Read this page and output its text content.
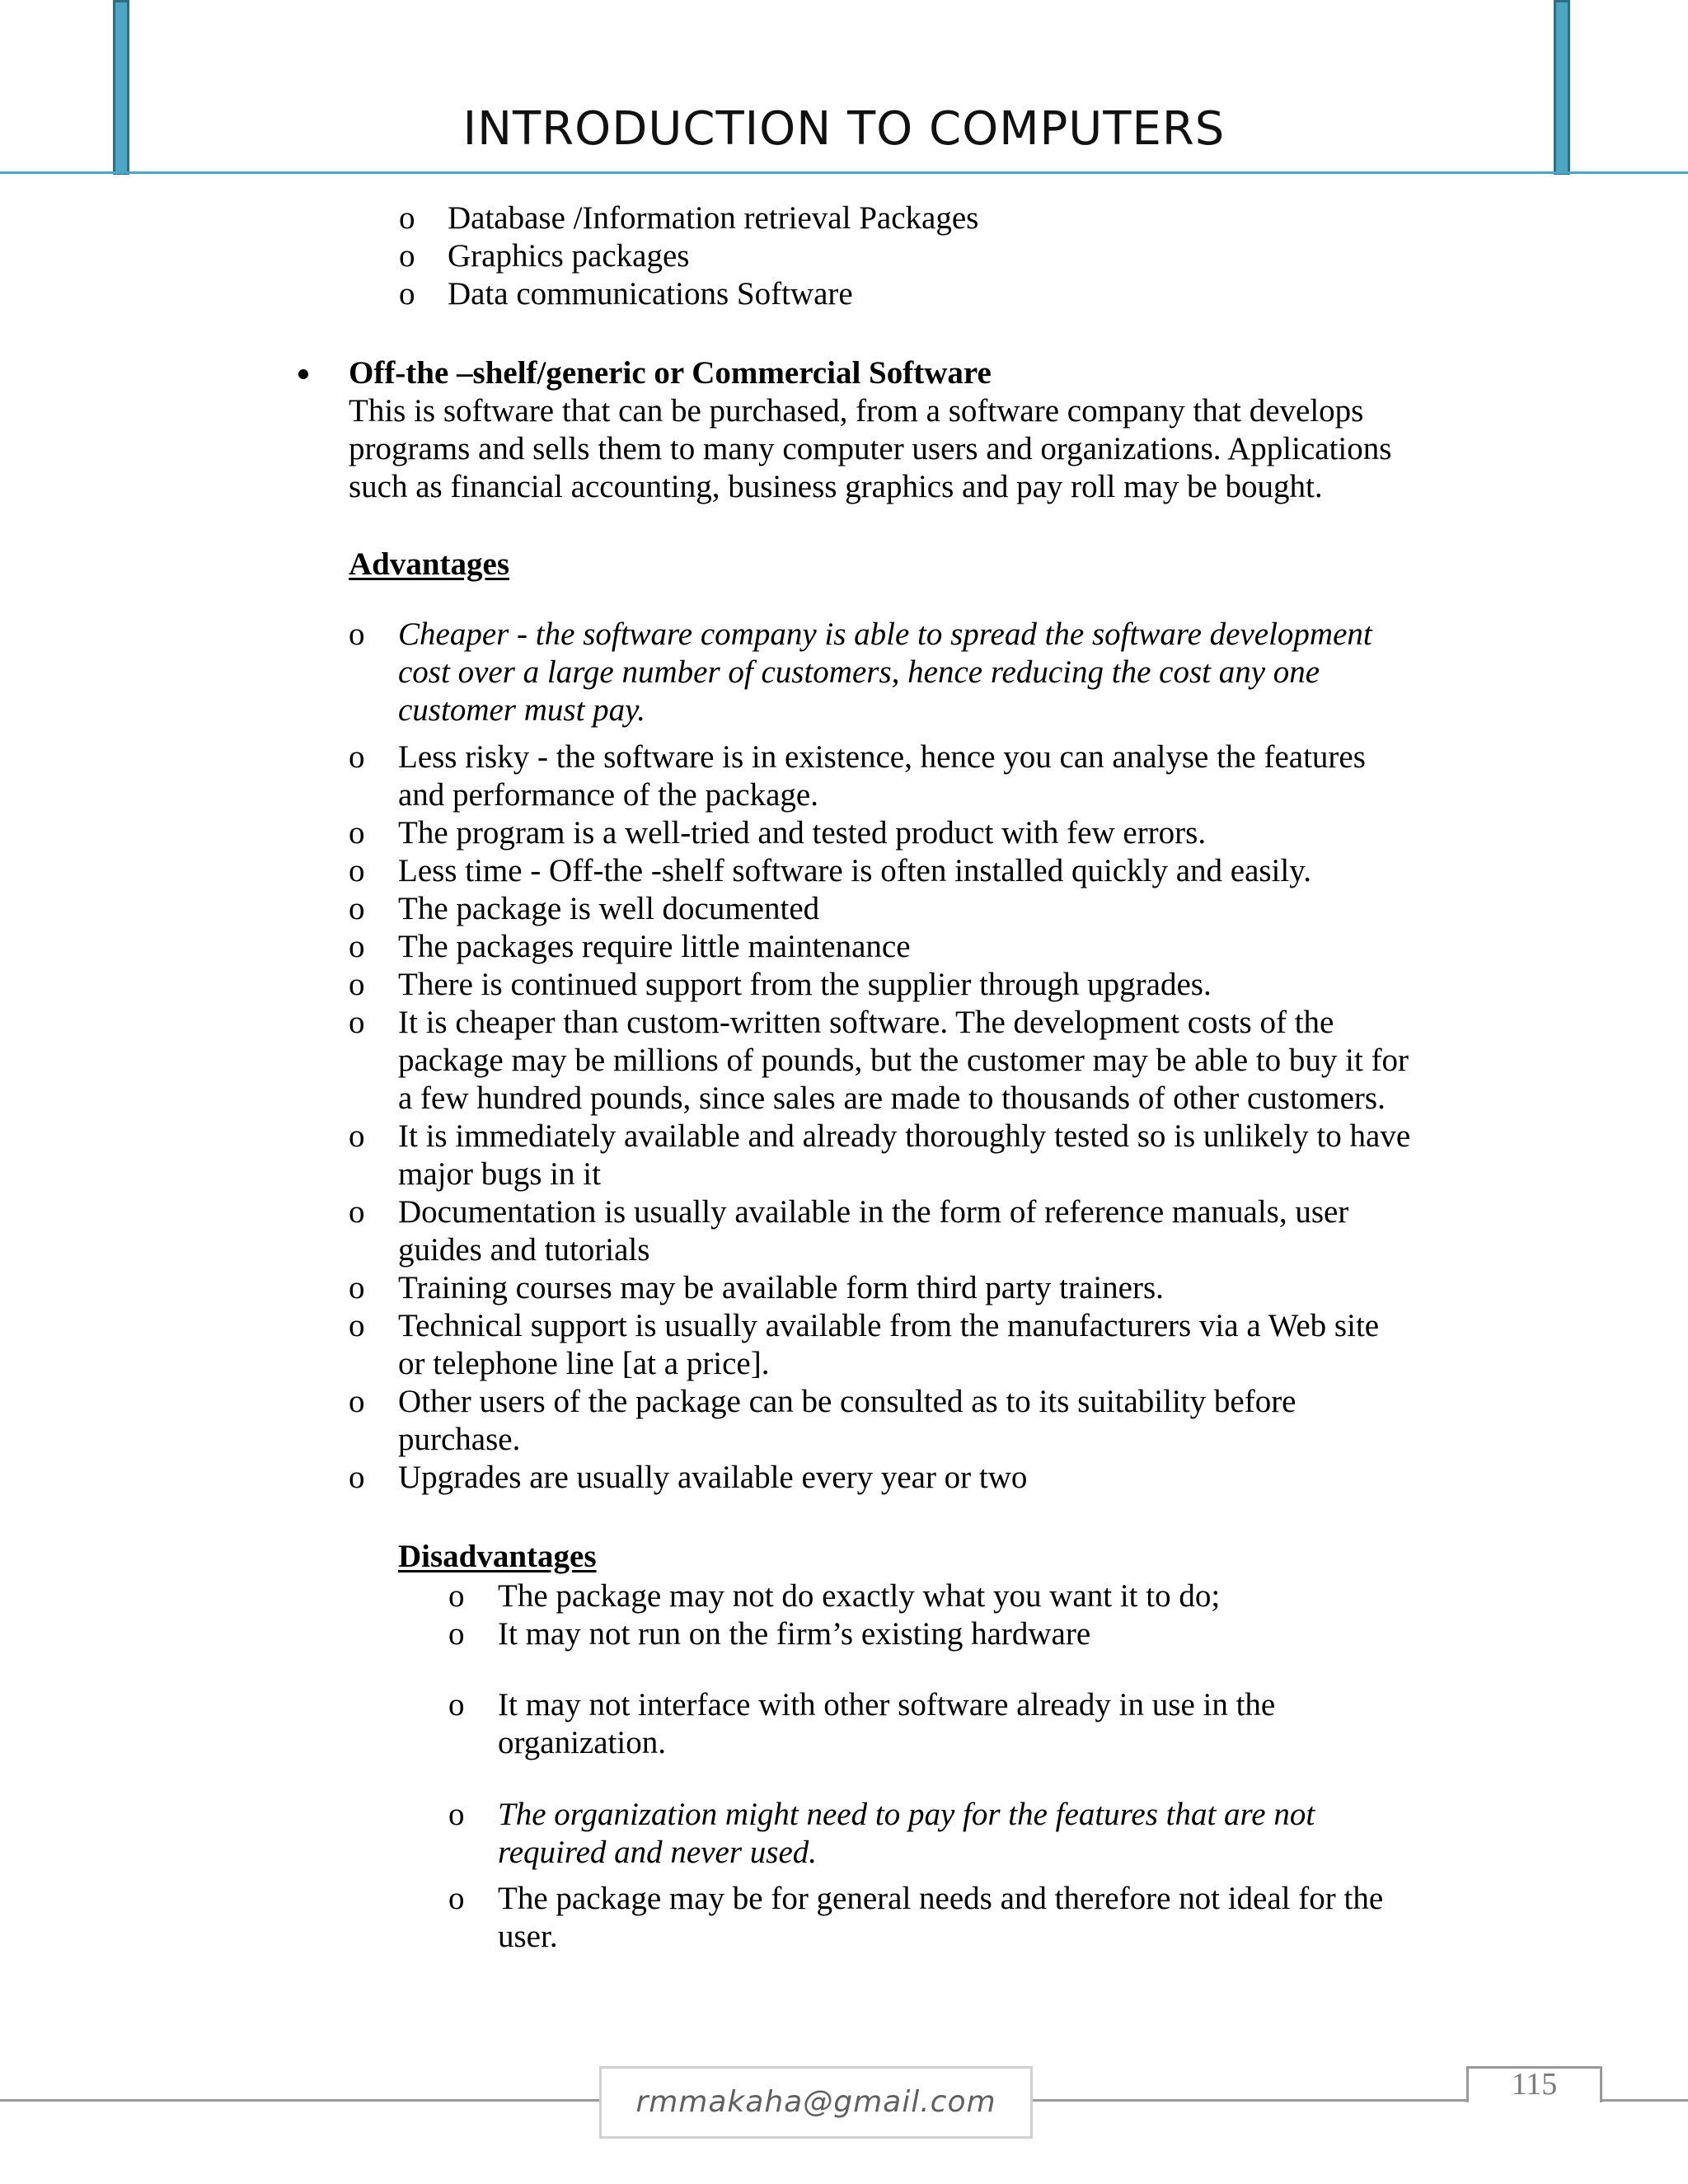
INTRODUCTION TO COMPUTERS
o Database /Information retrieval Packages
o Graphics packages
o Data communications Software
Off-the –shelf/generic or Commercial Software
This is software that can be purchased, from a software company that develops
programs and sells them to many computer users and organizations. Applications
such as financial accounting, business graphics and pay roll may be bought.
Advantages
o Cheaper - the software company is able to spread the software development
cost over a large number of customers, hence reducing the cost any one
customer must pay.
o Less risky - the software is in existence, hence you can analyse the features
and performance of the package.
o The program is a well-tried and tested product with few errors.
o Less time - Off-the -shelf software is often installed quickly and easily.
o The package is well documented
o The packages require little maintenance
o There is continued support from the supplier through upgrades.
o It is cheaper than custom-written software. The development costs of the
package may be millions of pounds, but the customer may be able to buy it for
a few hundred pounds, since sales are made to thousands of other customers.
o It is immediately available and already thoroughly tested so is unlikely to have
major bugs in it
o Documentation is usually available in the form of reference manuals, user
guides and tutorials
o Training courses may be available form third party trainers.
o Technical support is usually available from the manufacturers via a Web site
or telephone line [at a price].
o Other users of the package can be consulted as to its suitability before
purchase.
o Upgrades are usually available every year or two
Disadvantages
o The package may not do exactly what you want it to do;
o It may not run on the firm’s existing hardware
o It may not interface with other software already in use in the
organization.
o The organization might need to pay for the features that are not
required and never used.
o The package may be for general needs and therefore not ideal for the
user.
rmmakaha@gmail.com
115
